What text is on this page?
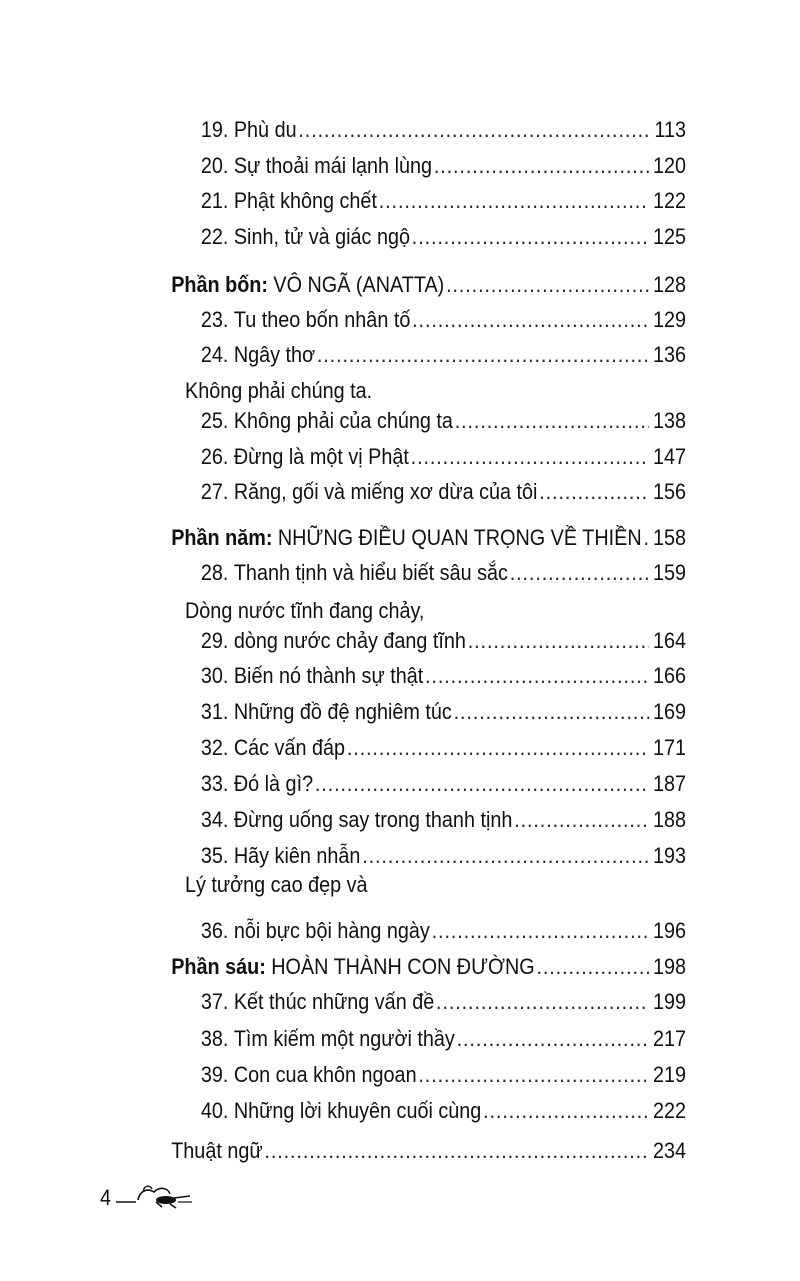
19. Phù du .....	113
20. Sự thoải mái lạnh lùng .....	120
21. Phật không chết .....	122
22. Sinh, tử và giác ngộ .....	125
Phần bốn: VÔ NGÃ (ANATTA) .....	128
23. Tu theo bốn nhân tố .....	129
24. Ngây thơ .....	136
Không phải chúng ta.
25. Không phải của chúng ta .....	138
26. Đừng là một vị Phật .....	147
27. Răng, gối và miếng xơ dừa của tôi .....	156
Phần năm: NHỮNG ĐIỀU QUAN TRỌNG VỀ THIỀN ..... 158
28. Thanh tịnh và hiểu biết sâu sắc .....	159
Dòng nước tĩnh đang chảy,
29. dòng nước chảy đang tĩnh .....	164
30. Biến nó thành sự thật .....	166
31. Những đồ đệ nghiêm túc .....	169
32. Các vấn đáp .....	171
33. Đó là gì? .....	187
34. Đừng uống say trong thanh tịnh .....	188
35. Hãy kiên nhẫn .....	193
Lý tưởng cao đẹp và
36. nỗi bực bội hàng ngày .....	196
Phần sáu: HOÀN THÀNH CON ĐƯỜNG .....	198
37. Kết thúc những vấn đề .....	199
38. Tìm kiếm một người thầy .....	217
39. Con cua khôn ngoan .....	219
40. Những lời khuyên cuối cùng .....	222
Thuật ngữ .....	234
4
